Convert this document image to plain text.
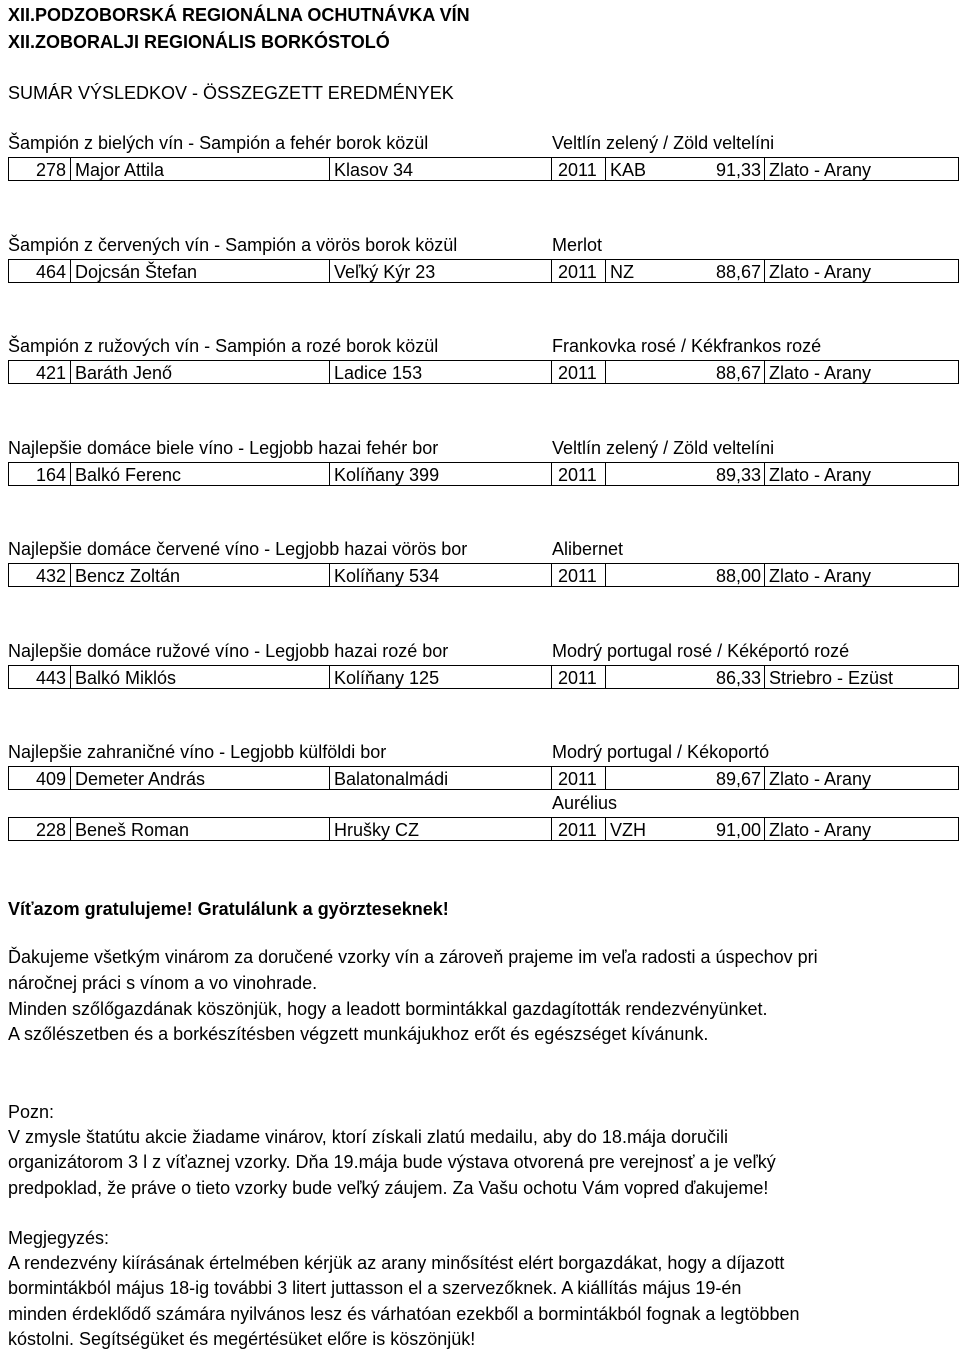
XII.PODZOBORSKÁ REGIONÁLNA OCHUTNÁVKA VÍN
XII.ZOBORALJI REGIONÁLIS BORKÓSTOLÓ
SUMÁR VÝSLEDKOV - ÖSSZEGZETT EREDMÉNYEK
Šampión z bielých vín - Sampión a fehér borok közül	Veltlín zelený / Zöld veltelíni
278 Major Attila	Klasov 34	2011 KAB	91,33 Zlato - Arany
Šampión z červených vín - Sampión a vörös borok közül	Merlot
464 Dojcsán Štefan	Veľký Kýr 23	2011 NZ	88,67 Zlato - Arany
Šampión z ružových vín - Sampión a rozé borok közül	Frankovka rosé / Kékfrankos rozé
421 Baráth Jenő	Ladice 153	2011	88,67 Zlato - Arany
Najlepšie domáce biele víno - Legjobb hazai fehér bor	Veltlín zelený / Zöld veltelíni
164 Balkó Ferenc	Kolíňany 399	2011	89,33 Zlato - Arany
Najlepšie domáce červené víno - Legjobb hazai vörös bor	Alibernet
432 Bencz Zoltán	Kolíňany 534	2011	88,00 Zlato - Arany
Najlepšie domáce ružové víno - Legjobb hazai rozé bor	Modrý portugal rosé / Kéképortó rozé
443 Balkó Miklós	Kolíňany 125	2011	86,33 Striebro - Ezüst
Najlepšie zahraničné víno - Legjobb külföldi bor	Modrý portugal / Kékoportó
409 Demeter András	Balatonalmádi	2011	89,67 Zlato - Arany
Aurélius
228 Beneš Roman	Hrušky CZ	2011 VZH	91,00 Zlato - Arany
Víťazom gratulujeme! Gratulálunk a györzteseknek!
Ďakujeme všetkým vinárom za doručené vzorky vín a zároveň prajeme im veľa radosti a úspechov pri
náročnej práci s vínom a vo vinohrade.
Minden szőlőgazdának köszönjük, hogy a leadott bormintákkal gazdagították rendezvényünket.
A szőlészetben és a borkészítésben végzett munkájukhoz erőt és egészséget kívánunk.
Pozn:
V zmysle štatútu akcie žiadame vinárov, ktorí získali zlatú medailu, aby do 18.mája doručili
organizátorom 3 l z víťaznej vzorky. Dňa 19.mája bude výstava otvorená pre verejnosť a je veľký
predpoklad, že práve o tieto vzorky bude veľký záujem. Za Vašu ochotu Vám vopred ďakujeme!
Megjegyzés:
A rendezvény kiírásának értelmében kérjük az arany minősítést elért borgazdákat, hogy a díjazott
bormintákból május 18-ig további 3 litert juttasson el a szervezőknek. A kiállítás május 19-én
minden érdeklődő számára nyilvános lesz és várhatóan ezekből a bormintákból fognak a legtöbben
kóstolni. Segítségüket és megértésüket előre is köszönjük!
